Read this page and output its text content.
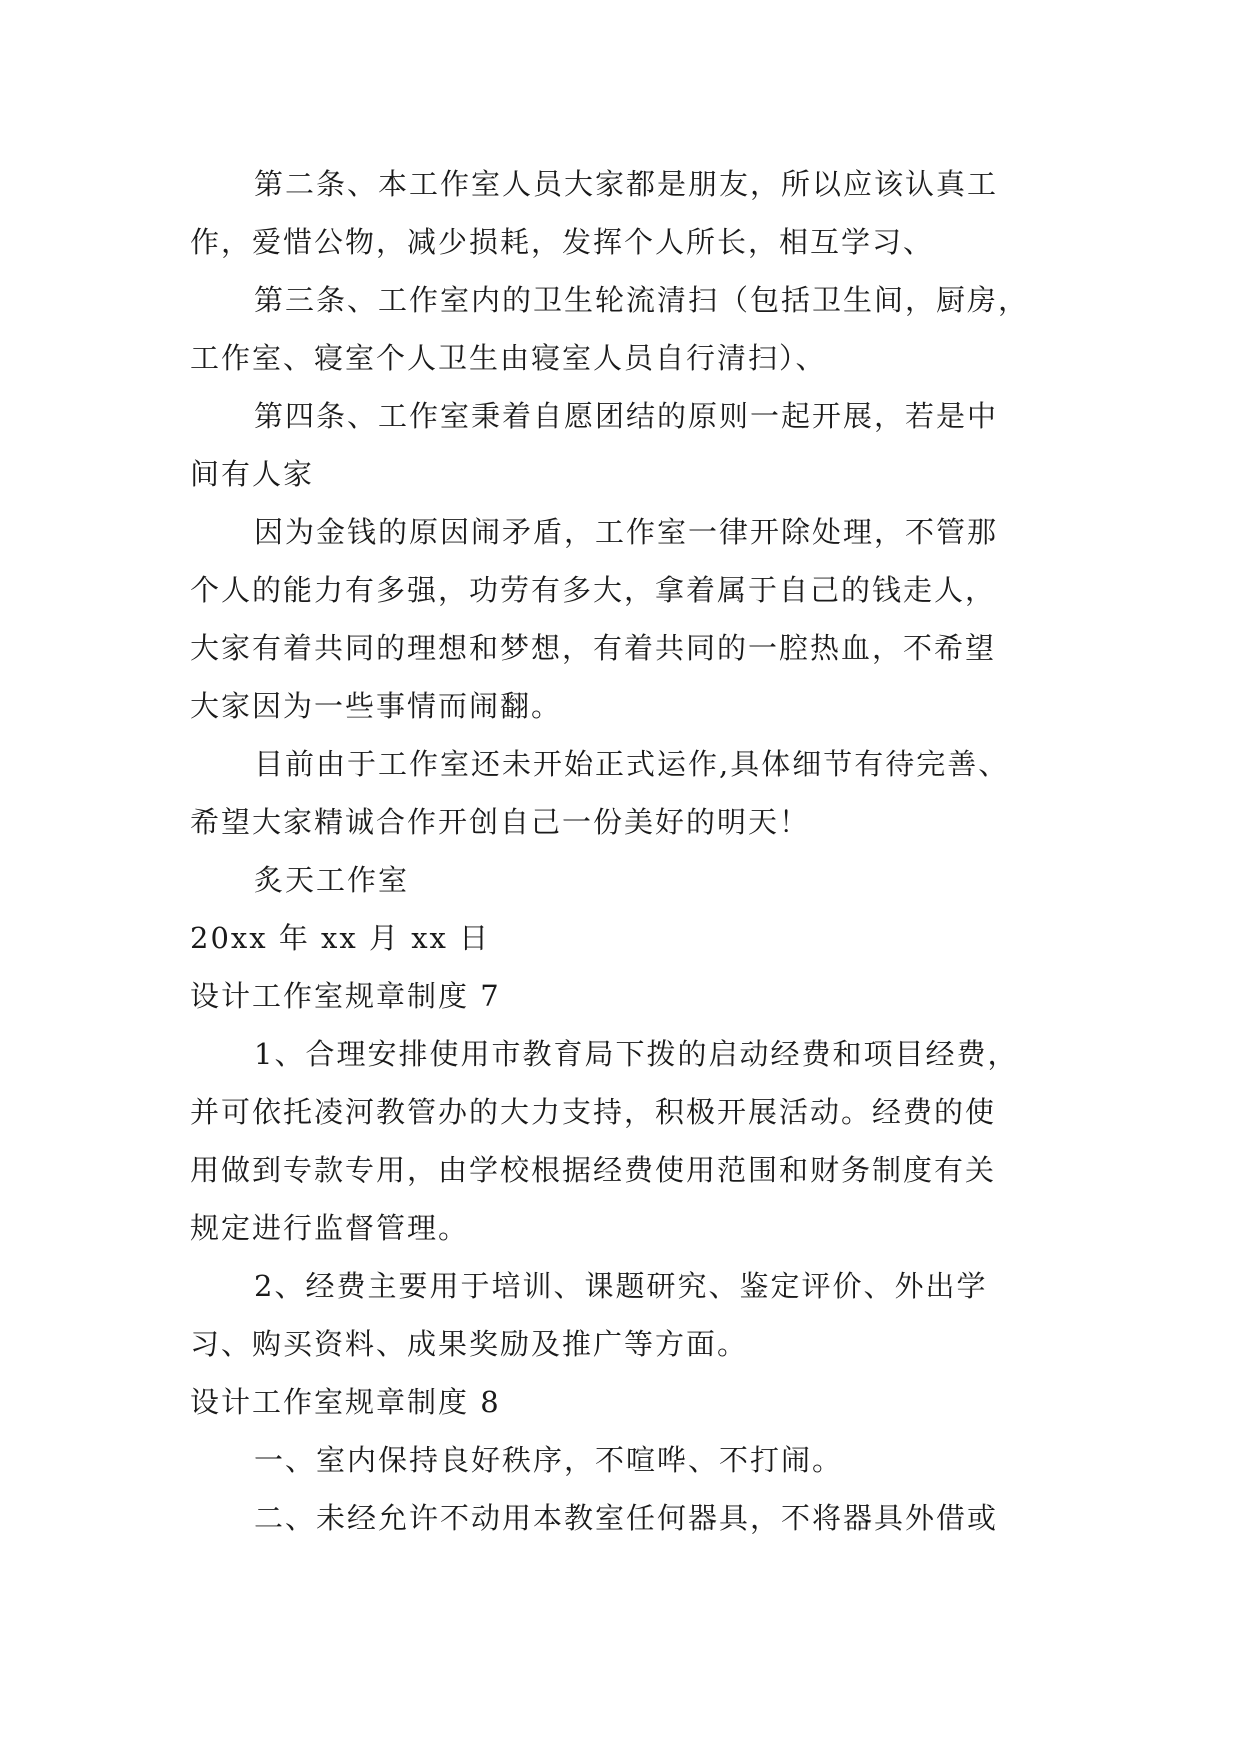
第二条、本工作室人员大家都是朋友，所以应该认真工
作，爱惜公物，减少损耗，发挥个人所长，相互学习、
第三条、工作室内的卫生轮流清扫（包括卫生间，厨房，
工作室、寝室个人卫生由寝室人员自行清扫）、
第四条、工作室秉着自愿团结的原则一起开展，若是中
间有人家
因为金钱的原因闹矛盾，工作室一律开除处理，不管那
个人的能力有多强，功劳有多大，拿着属于自己的钱走人，
大家有着共同的理想和梦想，有着共同的一腔热血，不希望
大家因为一些事情而闹翻。
目前由于工作室还未开始正式运作,具体细节有待完善、
希望大家精诚合作开创自己一份美好的明天！
炙天工作室
20xx 年 xx 月 xx 日
设计工作室规章制度 7
1、合理安排使用市教育局下拨的启动经费和项目经费，
并可依托凌河教管办的大力支持，积极开展活动。经费的使
用做到专款专用，由学校根据经费使用范围和财务制度有关
规定进行监督管理。
2、经费主要用于培训、课题研究、鉴定评价、外出学
习、购买资料、成果奖励及推广等方面。
设计工作室规章制度 8
一、室内保持良好秩序，不喧哗、不打闹。
二、未经允许不动用本教室任何器具，不将器具外借或
